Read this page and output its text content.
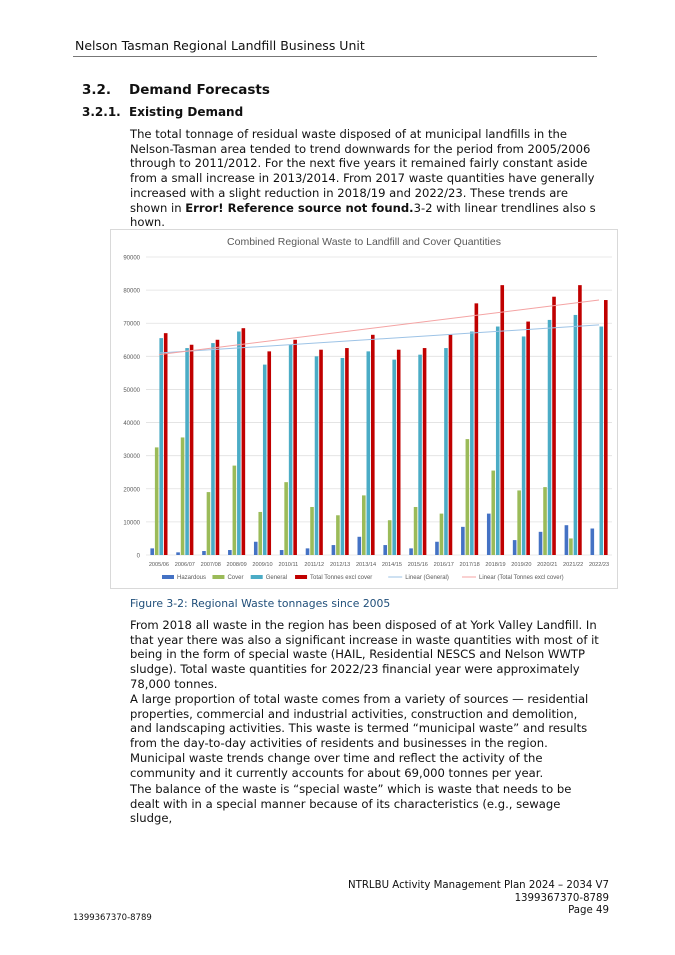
Nelson Tasman Regional Landfill Business Unit
3.2. Demand Forecasts
3.2.1. Existing Demand

The total tonnage of residual waste disposed of at municipal landfills in the Nelson-Tasman area tended to trend downwards for the period from 2005/2006 through to 2011/2012. For the next five years it remained fairly constant aside from a small increase in 2013/2014. From 2017 waste quantities have generally increased with a slight reduction in 2018/19 and 2022/23. These trends are shown in Error! Reference source not found.3-2 with linear trendlines also s hown.

Combined Regional Waste to Landfill and Cover Quantities
0
10000
20000
30000
40000
50000
60000
70000
80000
90000
2005/06 2006/07 2007/08 2008/09 2009/10 2010/11 2011/12 2012/13 2013/14 2014/15 2015/16 2016/17 2017/18 2018/19 2019/20 2020/21 2021/22 2022/23
Hazardous	Cover	General	Total Tonnes excl cover	Linear (General)	Linear (Total Tonnes excl cover)
Figure 3-2: Regional Waste tonnages since 2005

From 2018 all waste in the region has been disposed of at York Valley Landfill. In that year there was also a significant increase in waste quantities with most of it being in the form of special waste (HAIL, Residential NESCS and Nelson WWTP sludge). Total waste quantities for 2022/23 financial year were approximately 78,000 tonnes.

A large proportion of total waste comes from a variety of sources — residential properties, commercial and industrial activities, construction and demolition, and landscaping activities. This waste is termed “municipal waste” and results from the day-to-day activities of residents and businesses in the region. Municipal waste trends change over time and reflect the activity of the community and it currently accounts for about 69,000 tonnes per year.

The balance of the waste is “special waste” which is waste that needs to be dealt with in a special manner because of its characteristics (e.g., sewage sludge,

NTRLBU Activity Management Plan 2024 – 2034 V7
1399367370-8789
Page 49
1399367370-8789
